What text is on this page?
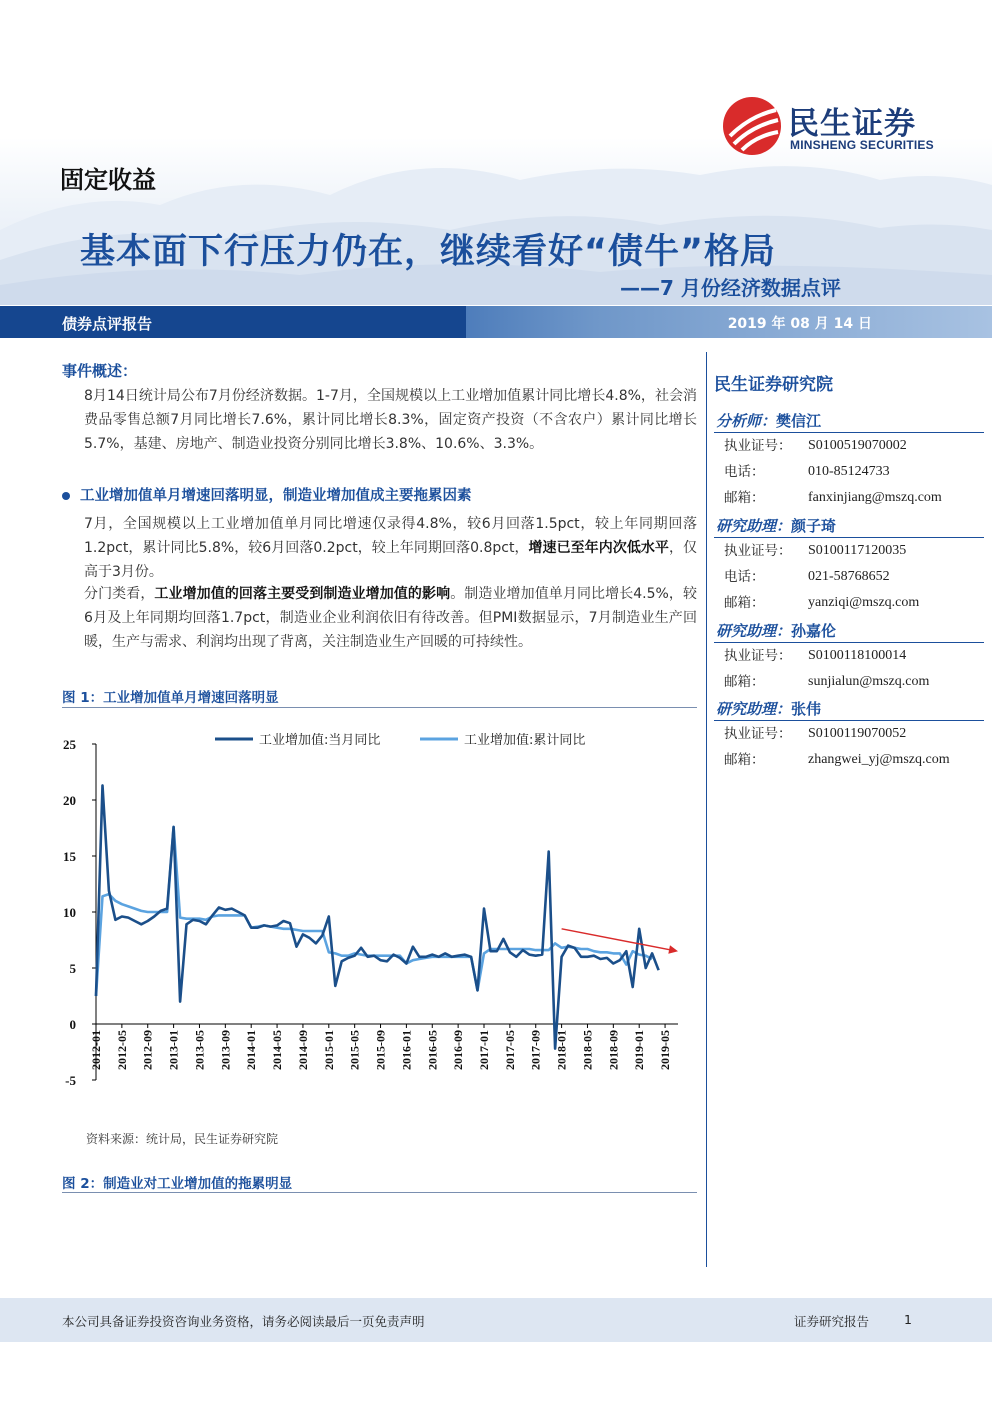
民生证券
MINSHENG SECURITIES
固定收益
基本面下行压力仍在，继续看好“债牛”格局
——7 月份经济数据点评
债券点评报告	2019 年 08 月 14 日
事件概述：
8月14日统计局公布7月份经济数据。1-7月，全国规模以上工业增加值累计同比增长4.8%，社会消费品零售总额7月同比增长7.6%，累计同比增长8.3%，固定资产投资（不含农户）累计同比增长5.7%，基建、房地产、制造业投资分别同比增长3.8%、10.6%、3.3%。
工业增加值单月增速回落明显，制造业增加值成主要拖累因素
7月，全国规模以上工业增加值单月同比增速仅录得4.8%，较6月回落1.5pct，较上年同期回落1.2pct，累计同比5.8%，较6月回落0.2pct，较上年同期回落0.8pct，增速已至年内次低水平，仅高于3月份。
分门类看，工业增加值的回落主要受到制造业增加值的影响。制造业增加值单月同比增长4.5%，较6月及上年同期均回落1.7pct，制造业企业利润依旧有待改善。但PMI数据显示，7月制造业生产回暖，生产与需求、利润均出现了背离，关注制造业生产回暖的可持续性。
图 1：工业增加值单月增速回落明显
25
20
15
10
5
0
-5
2012-01 2012-05 2012-09 2013-01 2013-05 2013-09 2014-01 2014-05 2014-09 2015-01 2015-05 2015-09 2016-01 2016-05 2016-09 2017-01 2017-05 2017-09 2018-01 2018-05 2018-09 2019-01 2019-05
工业增加值:当月同比	工业增加值:累计同比
资料来源：统计局，民生证券研究院
图 2：制造业对工业增加值的拖累明显
民生证券研究院
分析师：樊信江
执业证号：	S0100519070002
电话：	010-85124733
邮箱：	fanxinjiang@mszq.com
研究助理：颜子琦
执业证号：	S0100117120035
电话：	021-58768652
邮箱：	yanziqi@mszq.com
研究助理：孙嘉伦
执业证号：	S0100118100014
邮箱：	sunjialun@mszq.com
研究助理：张伟
执业证号：	S0100119070052
邮箱：	zhangwei_yj@mszq.com
本公司具备证券投资咨询业务资格，请务必阅读最后一页免责声明	证券研究报告	1
